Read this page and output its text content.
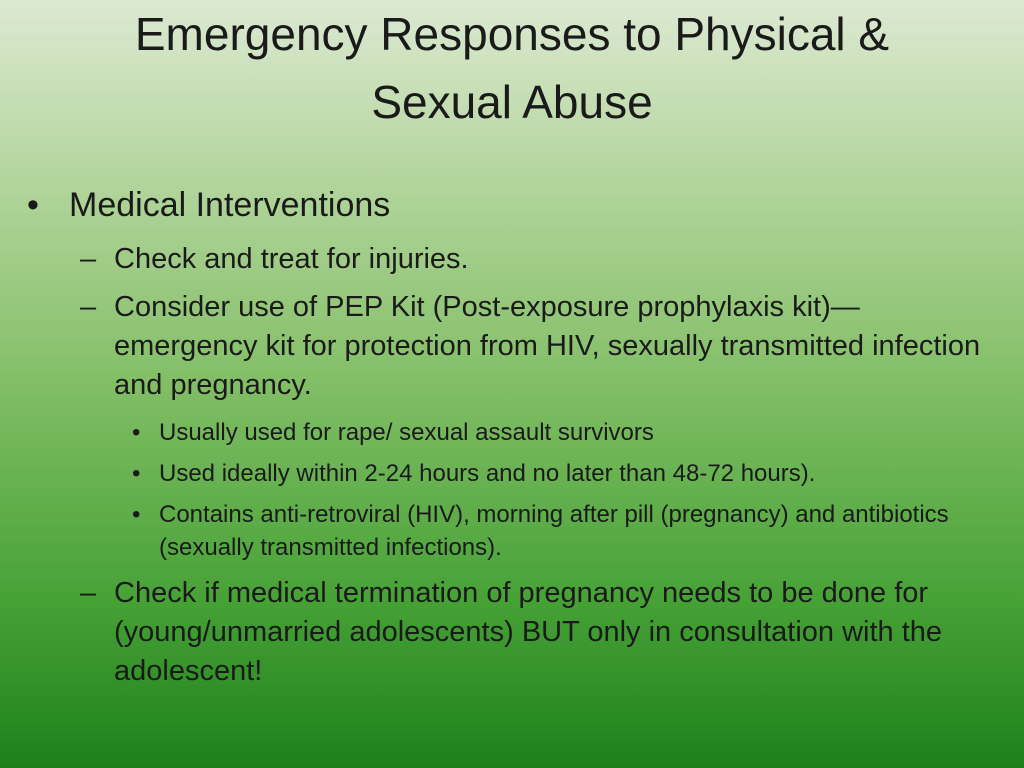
Emergency Responses to Physical & Sexual Abuse
• Medical Interventions
– Check and treat for injuries.
– Consider use of PEP Kit (Post-exposure prophylaxis kit)—emergency kit for protection from HIV, sexually transmitted infection and pregnancy.
• Usually used for rape/ sexual assault survivors
• Used ideally within 2-24 hours and no later than 48-72 hours).
• Contains anti-retroviral (HIV), morning after pill (pregnancy) and antibiotics (sexually transmitted infections).
– Check if medical termination of pregnancy needs to be done for (young/unmarried adolescents) BUT only in consultation with the adolescent!
